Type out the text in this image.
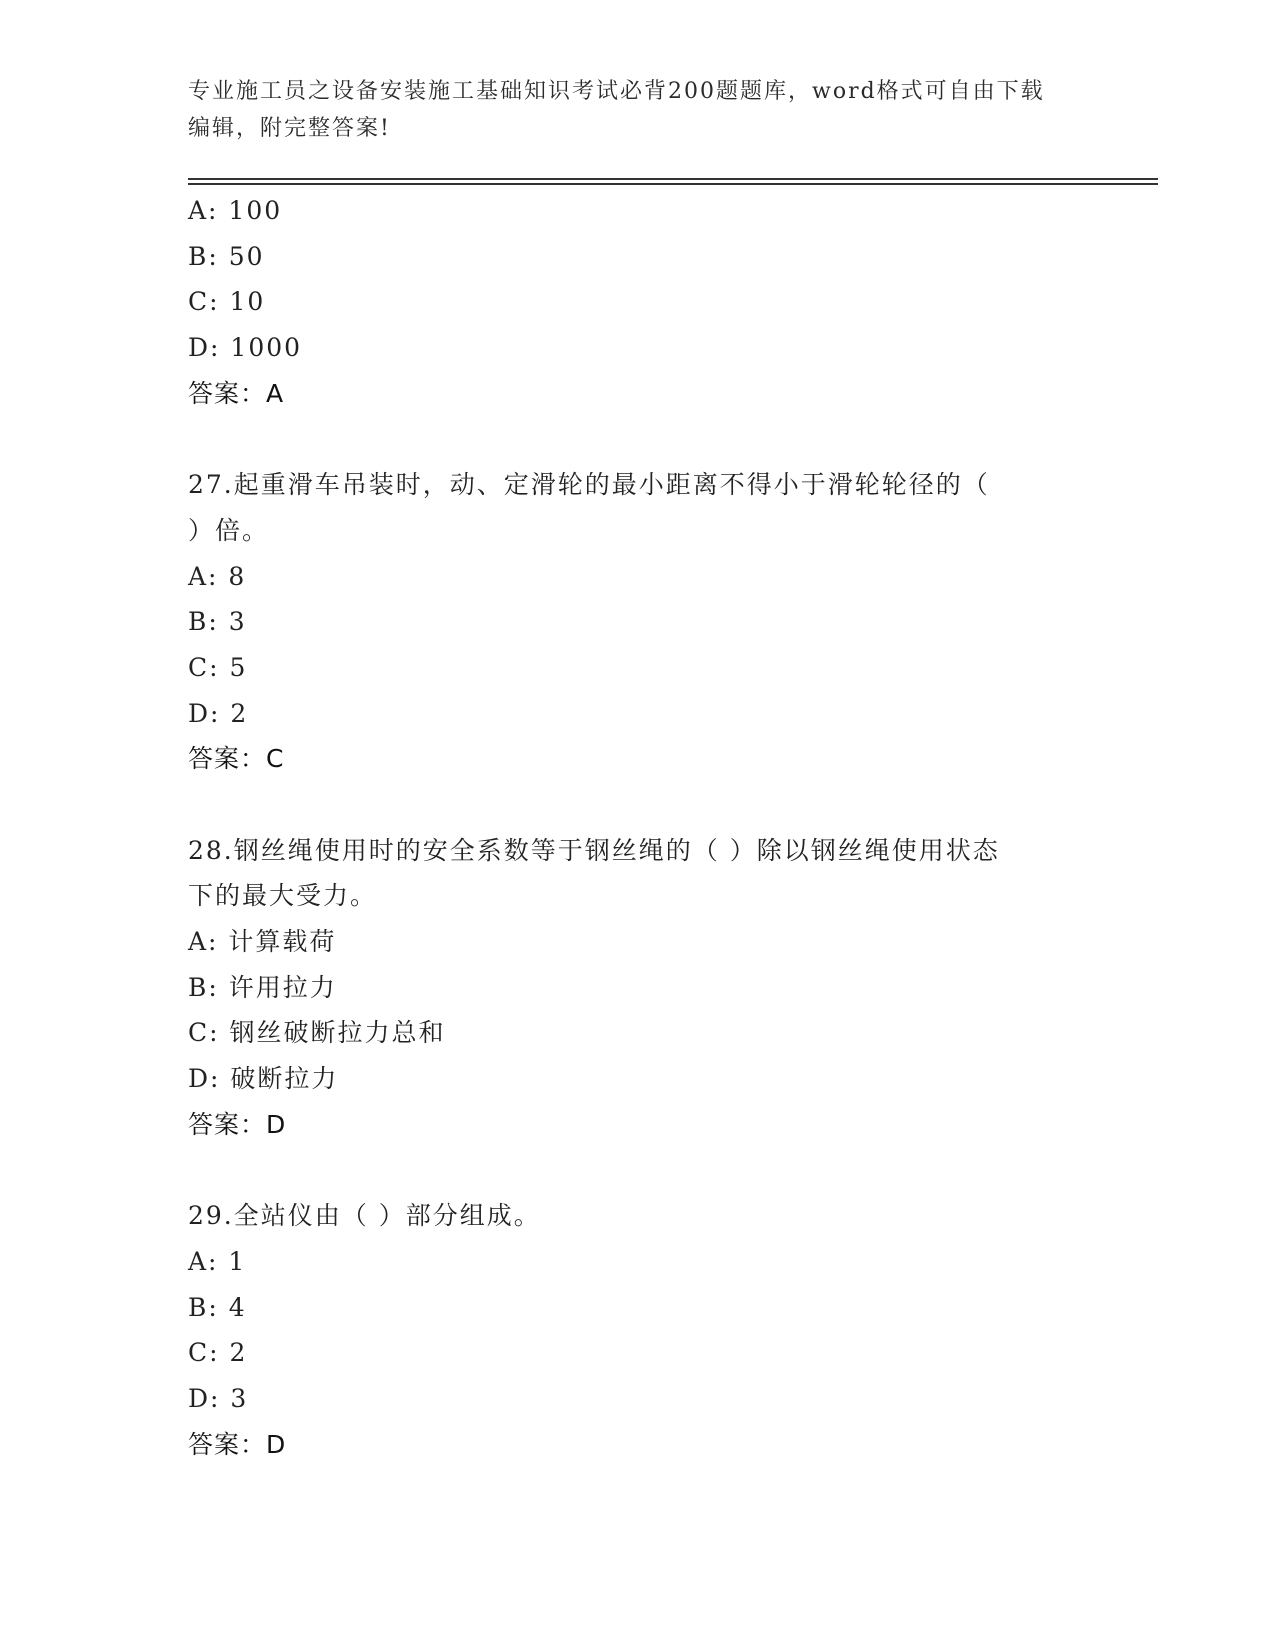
专业施工员之设备安装施工基础知识考试必背200题题库，word格式可自由下载
编辑，附完整答案!
A: 100
B: 50
C: 10
D: 1000
答案：A
27.起重滑车吊装时，动、定滑轮的最小距离不得小于滑轮轮径的（
）倍。
A: 8
B: 3
C: 5
D: 2
答案：C
28.钢丝绳使用时的安全系数等于钢丝绳的（ ）除以钢丝绳使用状态
下的最大受力。
A: 计算载荷
B: 许用拉力
C: 钢丝破断拉力总和
D: 破断拉力
答案：D
29.全站仪由（ ）部分组成。
A: 1
B: 4
C: 2
D: 3
答案：D
